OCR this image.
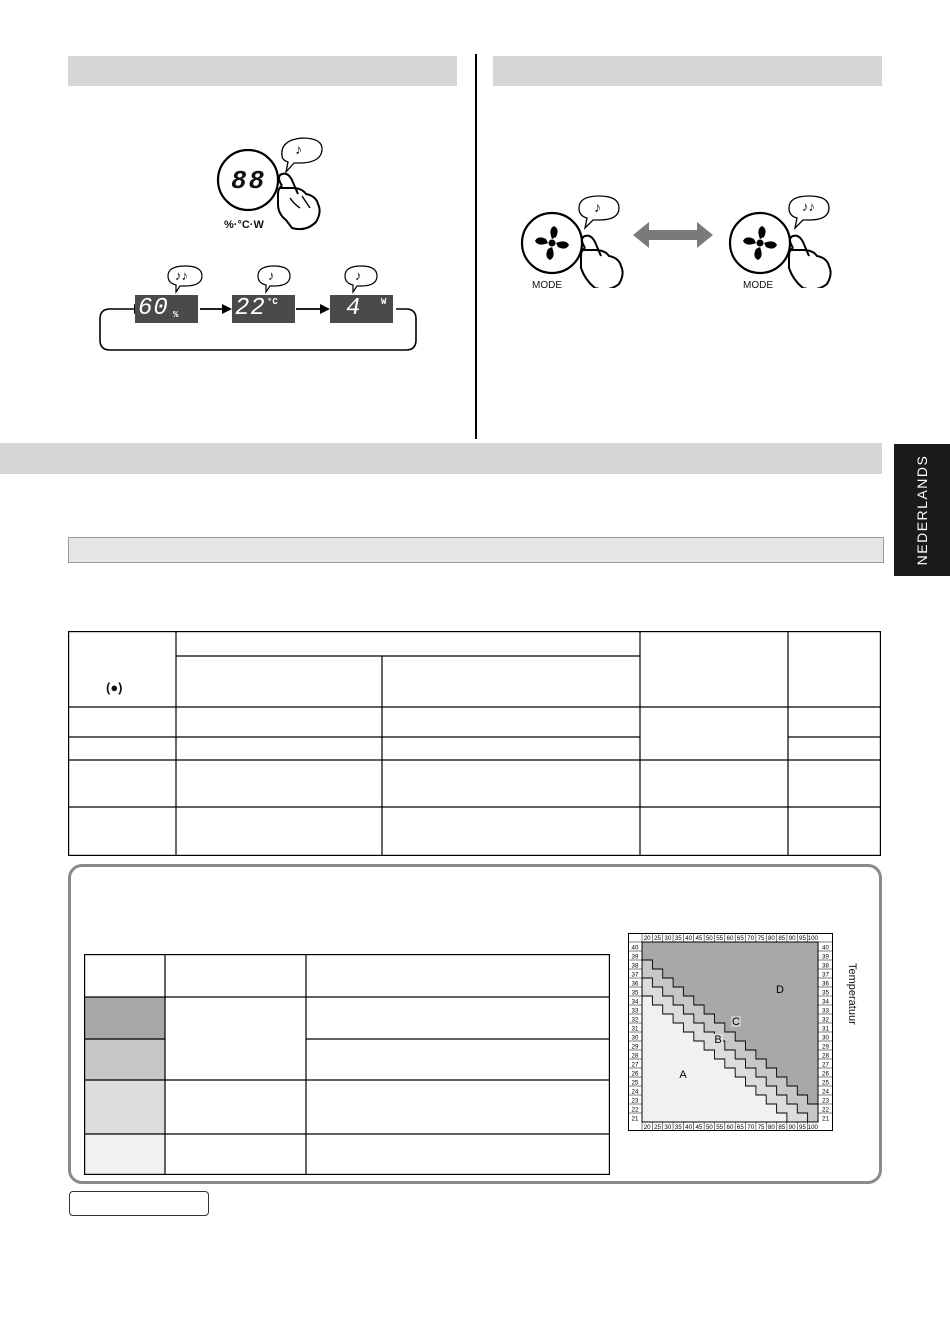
88
♪
%·°C·W
♪♪	♪	♪
60 % 22 °C	4 W
♪	♪♪
MODE	MODE
NEDERLANDS
(●)
20
20
25
25
30
30
35
35
40
40
45
45
50
50
55
55
60
60
65
65
70
70
75
75
80
80
85
85
90
90
95
95
100
100
40	40
39	39
38	38
37	37
36	36
35	35
34	34
33	33
32	32
31	31
30	30
29	29
28	28
27	27
26	26
25	25
24	24
23	23
22	22
21	21
A
B
C
D	Temperatuur
